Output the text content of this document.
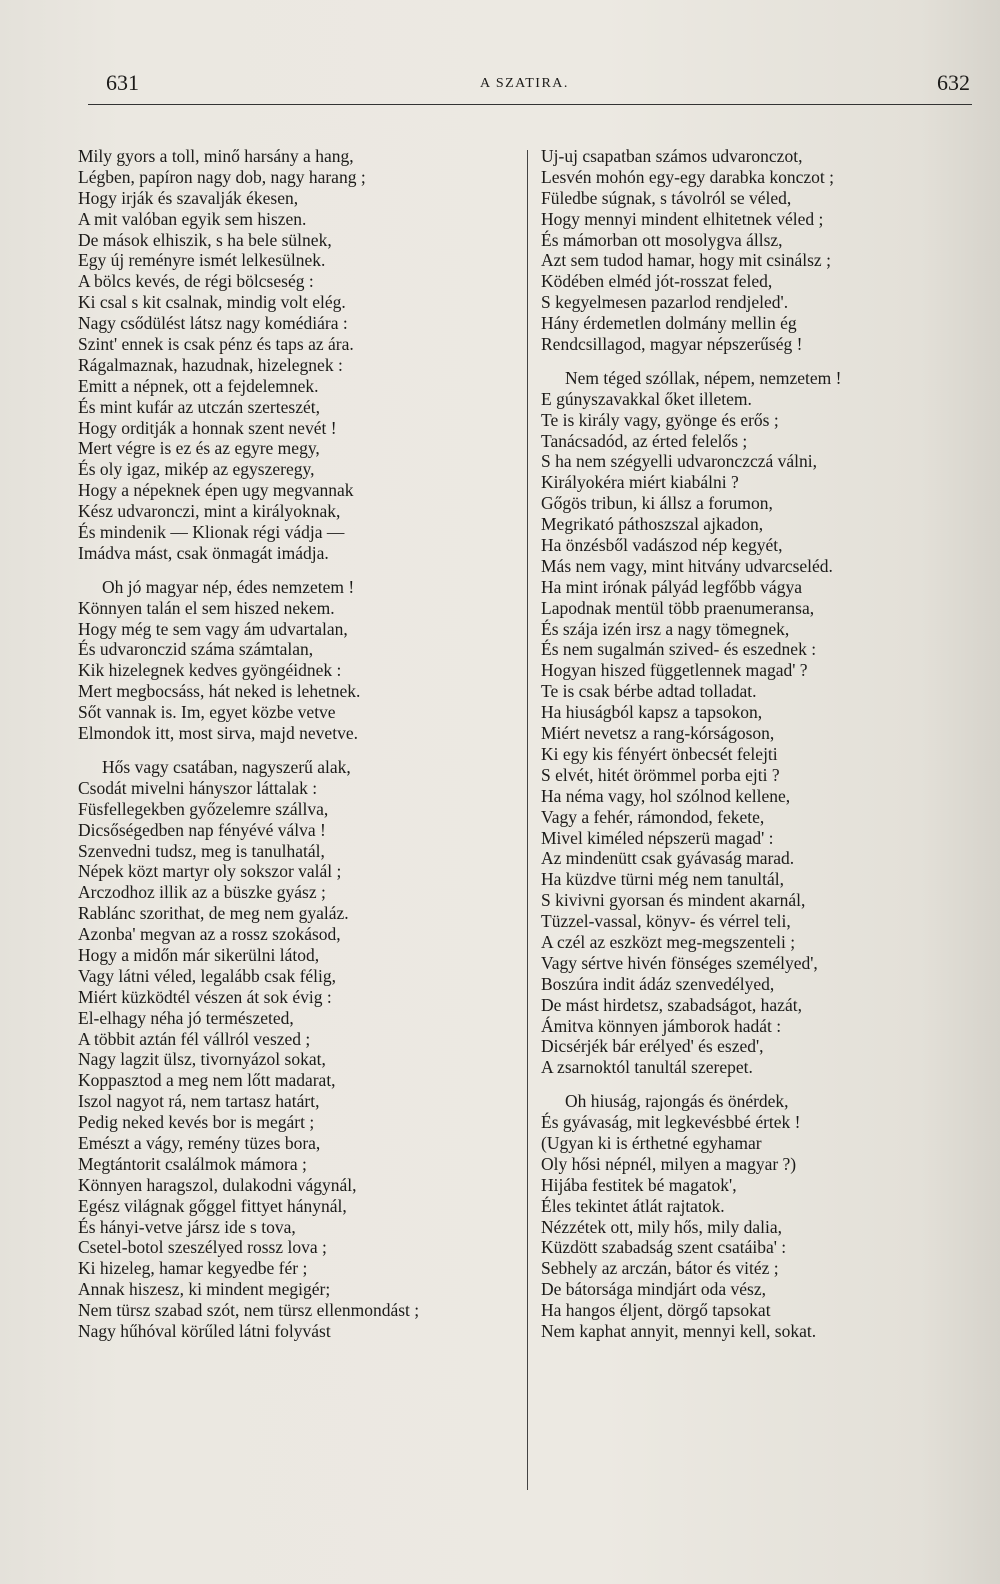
631	A SZATIRA.	632
Mily gyors a toll, minő harsány a hang,
Légben, papíron nagy dob, nagy harang ;
Hogy irják és szavalják ékesen,
A mit valóban egyik sem hiszen.
De mások elhiszik, s ha bele sülnek,
Egy új reményre ismét lelkesülnek.
A bölcs kevés, de régi bölcseség :
Ki csal s kit csalnak, mindig volt elég.
Nagy csődülést látsz nagy komédiára :
Szint' ennek is csak pénz és taps az ára.
Rágalmaznak, hazudnak, hizelegnek :
Emitt a népnek, ott a fejdelemnek.
És mint kufár az utczán szerteszét,
Hogy orditják a honnak szent nevét !
Mert végre is ez és az egyre megy,
És oly igaz, mikép az egyszeregy,
Hogy a népeknek épen ugy megvannak
Kész udvaronczi, mint a királyoknak,
És mindenik — Klionak régi vádja —
Imádva mást, csak önmagát imádja.
Oh jó magyar nép, édes nemzetem !
Könnyen talán el sem hiszed nekem.
Hogy még te sem vagy ám udvartalan,
És udvaronczid száma számtalan,
Kik hizelegnek kedves gyöngéidnek :
Mert megbocsáss, hát neked is lehetnek.
Sőt vannak is. Im, egyet közbe vetve
Elmondok itt, most sirva, majd nevetve.
Hős vagy csatában, nagyszerű alak,
Csodát mivelni hányszor láttalak :
Füsfellegekben győzelemre szállva,
Dicsőségedben nap fényévé válva !
Szenvedni tudsz, meg is tanulhatál,
Népek közt martyr oly sokszor valál ;
Arczodhoz illik az a büszke gyász ;
Rablánc szorithat, de meg nem gyaláz.
Azonba' megvan az a rossz szokásod,
Hogy a midőn már sikerülni látod,
Vagy látni véled, legalább csak félig,
Miért küzködtél vészen át sok évig :
El-elhagy néha jó természeted,
A többit aztán fél vállról veszed ;
Nagy lagzit ülsz, tivornyázol sokat,
Koppasztod a meg nem lőtt madarat,
Iszol nagyot rá, nem tartasz határt,
Pedig neked kevés bor is megárt ;
Emészt a vágy, remény tüzes bora,
Megtántorit csalálmok mámora ;
Könnyen haragszol, dulakodni vágynál,
Egész világnak gőggel fittyet hánynál,
És hányi-vetve jársz ide s tova,
Csetel-botol szeszélyed rossz lova ;
Ki hizeleg, hamar kegyedbe fér ;
Annak hiszesz, ki mindent megigér;
Nem türsz szabad szót, nem türsz ellenmondást ;
Nagy hűhóval körűled látni folyvást
Uj-uj csapatban számos udvaronczot,
Lesvén mohón egy-egy darabka konczot ;
Füledbe súgnak, s távolról se véled,
Hogy mennyi mindent elhitetnek véled ;
És mámorban ott mosolygva állsz,
Azt sem tudod hamar, hogy mit csinálsz ;
Ködében elméd jót-rosszat feled,
S kegyelmesen pazarlod rendjeled'.
Hány érdemetlen dolmány mellin ég
Rendcsillagod, magyar népszerűség !
Nem téged szóllak, népem, nemzetem !
E gúnyszavakkal őket illetem.
Te is király vagy, gyönge és erős ;
Tanácsadód, az érted felelős ;
S ha nem szégyelli udvaronczczá válni,
Királyokéra miért kiabálni ?
Gőgös tribun, ki állsz a forumon,
Megrikató páthoszszal ajkadon,
Ha önzésből vadászod nép kegyét,
Más nem vagy, mint hitvány udvarcseléd.
Ha mint irónak pályád legfőbb vágya
Lapodnak mentül több praenumeransa,
És szája izén irsz a nagy tömegnek,
És nem sugalmán szived- és eszednek :
Hogyan hiszed függetlennek magad' ?
Te is csak bérbe adtad tolladat.
Ha hiuságból kapsz a tapsokon,
Miért nevetsz a rang-kórságoson,
Ki egy kis fényért önbecsét felejti
S elvét, hitét örömmel porba ejti ?
Ha néma vagy, hol szólnod kellene,
Vagy a fehér, rámondod, fekete,
Mivel kiméled népszerü magad' :
Az mindenütt csak gyávaság marad.
Ha küzdve türni még nem tanultál,
S kivivni gyorsan és mindent akarnál,
Tüzzel-vassal, könyv- és vérrel teli,
A czél az eszközt meg-megszenteli ;
Vagy sértve hivén fönséges személyed',
Boszúra indit ádáz szenvedélyed,
De mást hirdetsz, szabadságot, hazát,
Ámitva könnyen jámborok hadát :
Dicsérjék bár erélyed' és eszed',
A zsarnoktól tanultál szerepet.
Oh hiuság, rajongás és önérdek,
És gyávaság, mit legkevésbbé értek !
(Ugyan ki is érthetné egyhamar
Oly hősi népnél, milyen a magyar ?)
Hijába festitek bé magatok',
Éles tekintet átlát rajtatok.
Nézzétek ott, mily hős, mily dalia,
Küzdött szabadság szent csatáiba' :
Sebhely az arczán, bátor és vitéz ;
De bátorsága mindjárt oda vész,
Ha hangos éljent, dörgő tapsokat
Nem kaphat annyit, mennyi kell, sokat.
